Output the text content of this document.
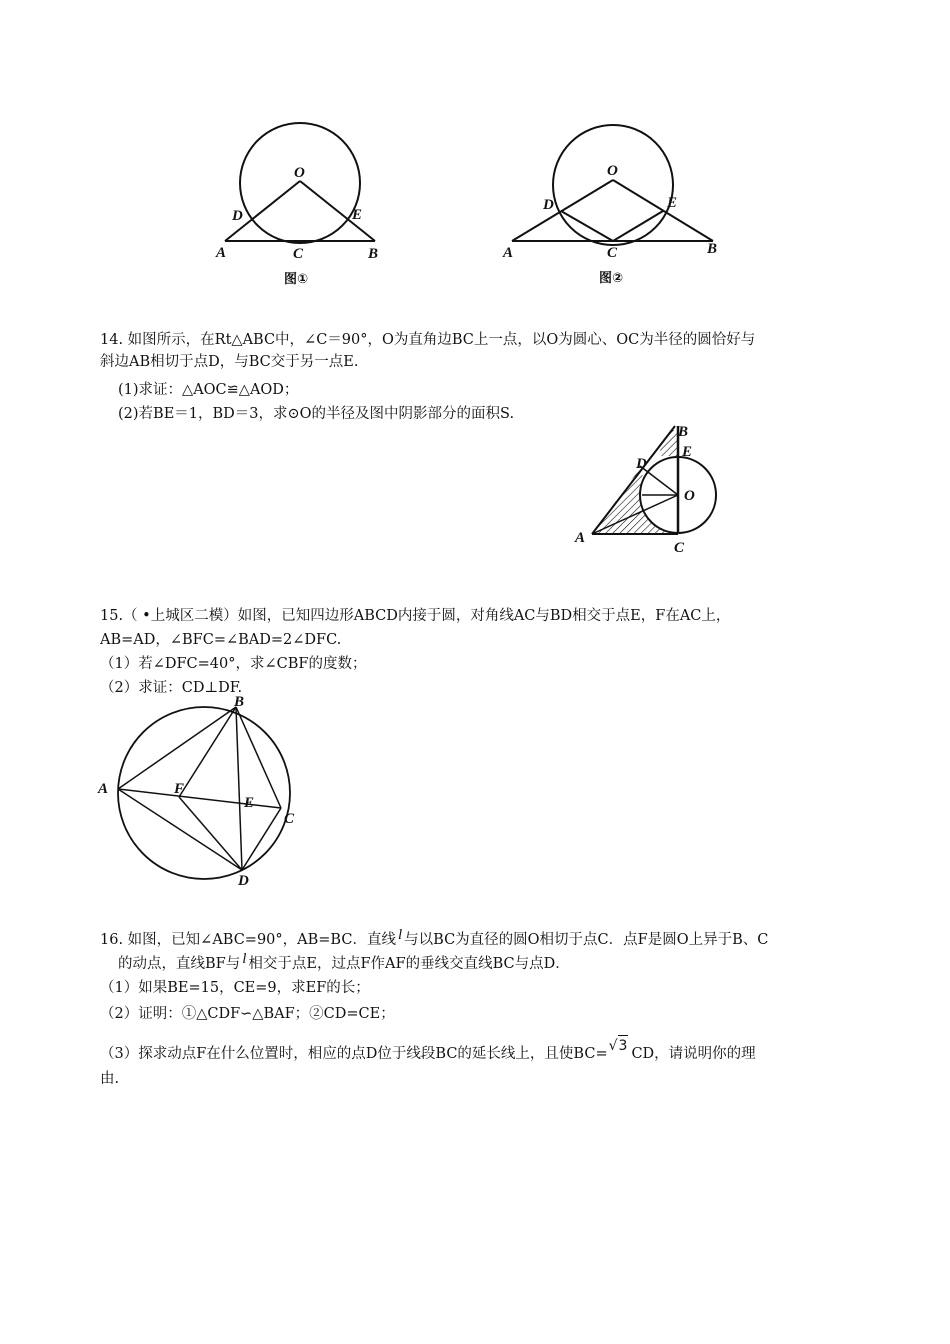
O
D	E
A	C	B
图①
O
D	E
A	C	B
图②
14. 如图所示，在Rt△ABC中，∠C＝90°，O为直角边BC上一点，以O为圆心、OC为半径的圆恰好与
斜边AB相切于点D，与BC交于另一点E.
(1)求证：△AOC≌△AOD；
(2)若BE＝1，BD＝3，求⊙O的半径及图中阴影部分的面积S.
B
E
D
O
A
C
15.（ •上城区二模）如图，已知四边形ABCD内接于圆，对角线AC与BD相交于点E，F在AC上，
AB=AD，∠BFC=∠BAD=2∠DFC.
（1）若∠DFC=40°，求∠CBF的度数；
（2）求证：CD⊥DF.
B
A	F
E
C
D
16. 如图，已知∠ABC=90°，AB=BC．直线 l 与以BC为直径的圆O相切于点C．点F是圆O上异于B、C
的动点，直线BF与 l 相交于点E，过点F作AF的垂线交直线BC与点D．
（1）如果BE=15，CE=9，求EF的长；
（2）证明：①△CDF∽△BAF；②CD=CE；
（3）探求动点F在什么位置时，相应的点D位于线段BC的延长线上，且使BC=√3 CD，请说明你的理
由.
